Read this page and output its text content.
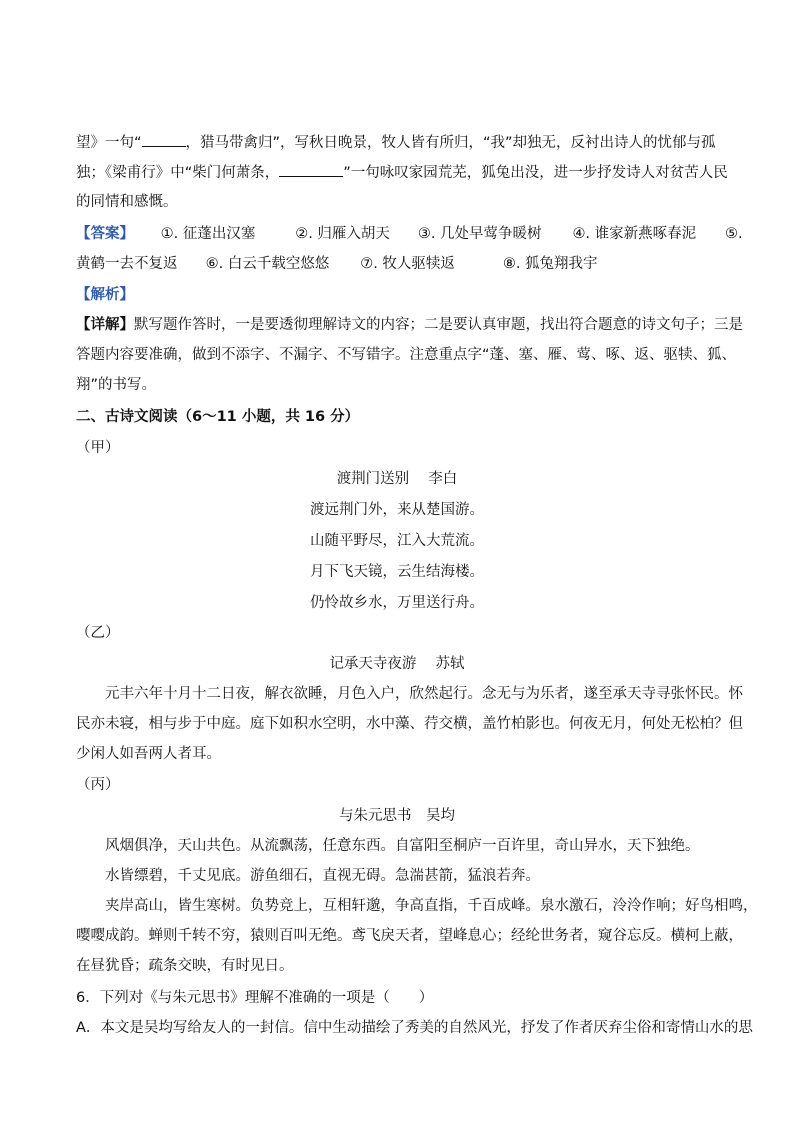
望》一句“	，猎马带禽归”，写秋日晚景，牧人皆有所归，“我”却独无，反衬出诗人的忧郁与孤
独；《梁甫行》中“柴门何萧条，	”一句咏叹家园荒芜，狐兔出没，进一步抒发诗人对贫苦人民
的同情和感慨。
【答案】 ①. 征蓬出汉塞	②. 归雁入胡天 ③. 几处早莺争暖树 ④. 谁家新燕啄春泥 ⑤.
黄鹤一去不复返 ⑥. 白云千载空悠悠 ⑦. 牧人驱犊返	⑧. 狐兔翔我宇
【解析】
【详解】默写题作答时，一是要透彻理解诗文的内容；二是要认真审题，找出符合题意的诗文句子；三是
答题内容要准确，做到不添字、不漏字、不写错字。注意重点字“蓬、塞、雁、莺、啄、返、驱犊、狐、
翔”的书写。
二、古诗文阅读（6～11 小题，共 16 分）
（甲）
渡荆门送别　 李白
渡远荆门外，来从楚国游。
山随平野尽，江入大荒流。
月下飞天镜，云生结海楼。
仍怜故乡水，万里送行舟。
（乙）
记承天寺夜游　 苏轼
元丰六年十月十二日夜，解衣欲睡，月色入户，欣然起行。念无与为乐者，遂至承天寺寻张怀民。怀
民亦未寝，相与步于中庭。庭下如积水空明，水中藻、荇交横，盖竹柏影也。何夜无月，何处无松柏？但
少闲人如吾两人者耳。
（丙）
与朱元思书　吴均
风烟俱净，天山共色。从流飘荡，任意东西。自富阳至桐庐一百许里，奇山异水，天下独绝。
水皆缥碧，千丈见底。游鱼细石，直视无碍。急湍甚箭，猛浪若奔。
夹岸高山，皆生寒树。负势竞上，互相轩邈，争高直指，千百成峰。泉水激石，泠泠作响；好鸟相鸣，
嘤嘤成韵。蝉则千转不穷，猿则百叫无绝。鸢飞戾天者，望峰息心；经纶世务者，窥谷忘反。横柯上蔽，
在昼犹昏；疏条交映，有时见日。
6．下列对《与朱元思书》理解不准确的一项是（　　）
A．本文是吴均写给友人的一封信。信中生动描绘了秀美的自然风光，抒发了作者厌弃尘俗和寄情山水的思
